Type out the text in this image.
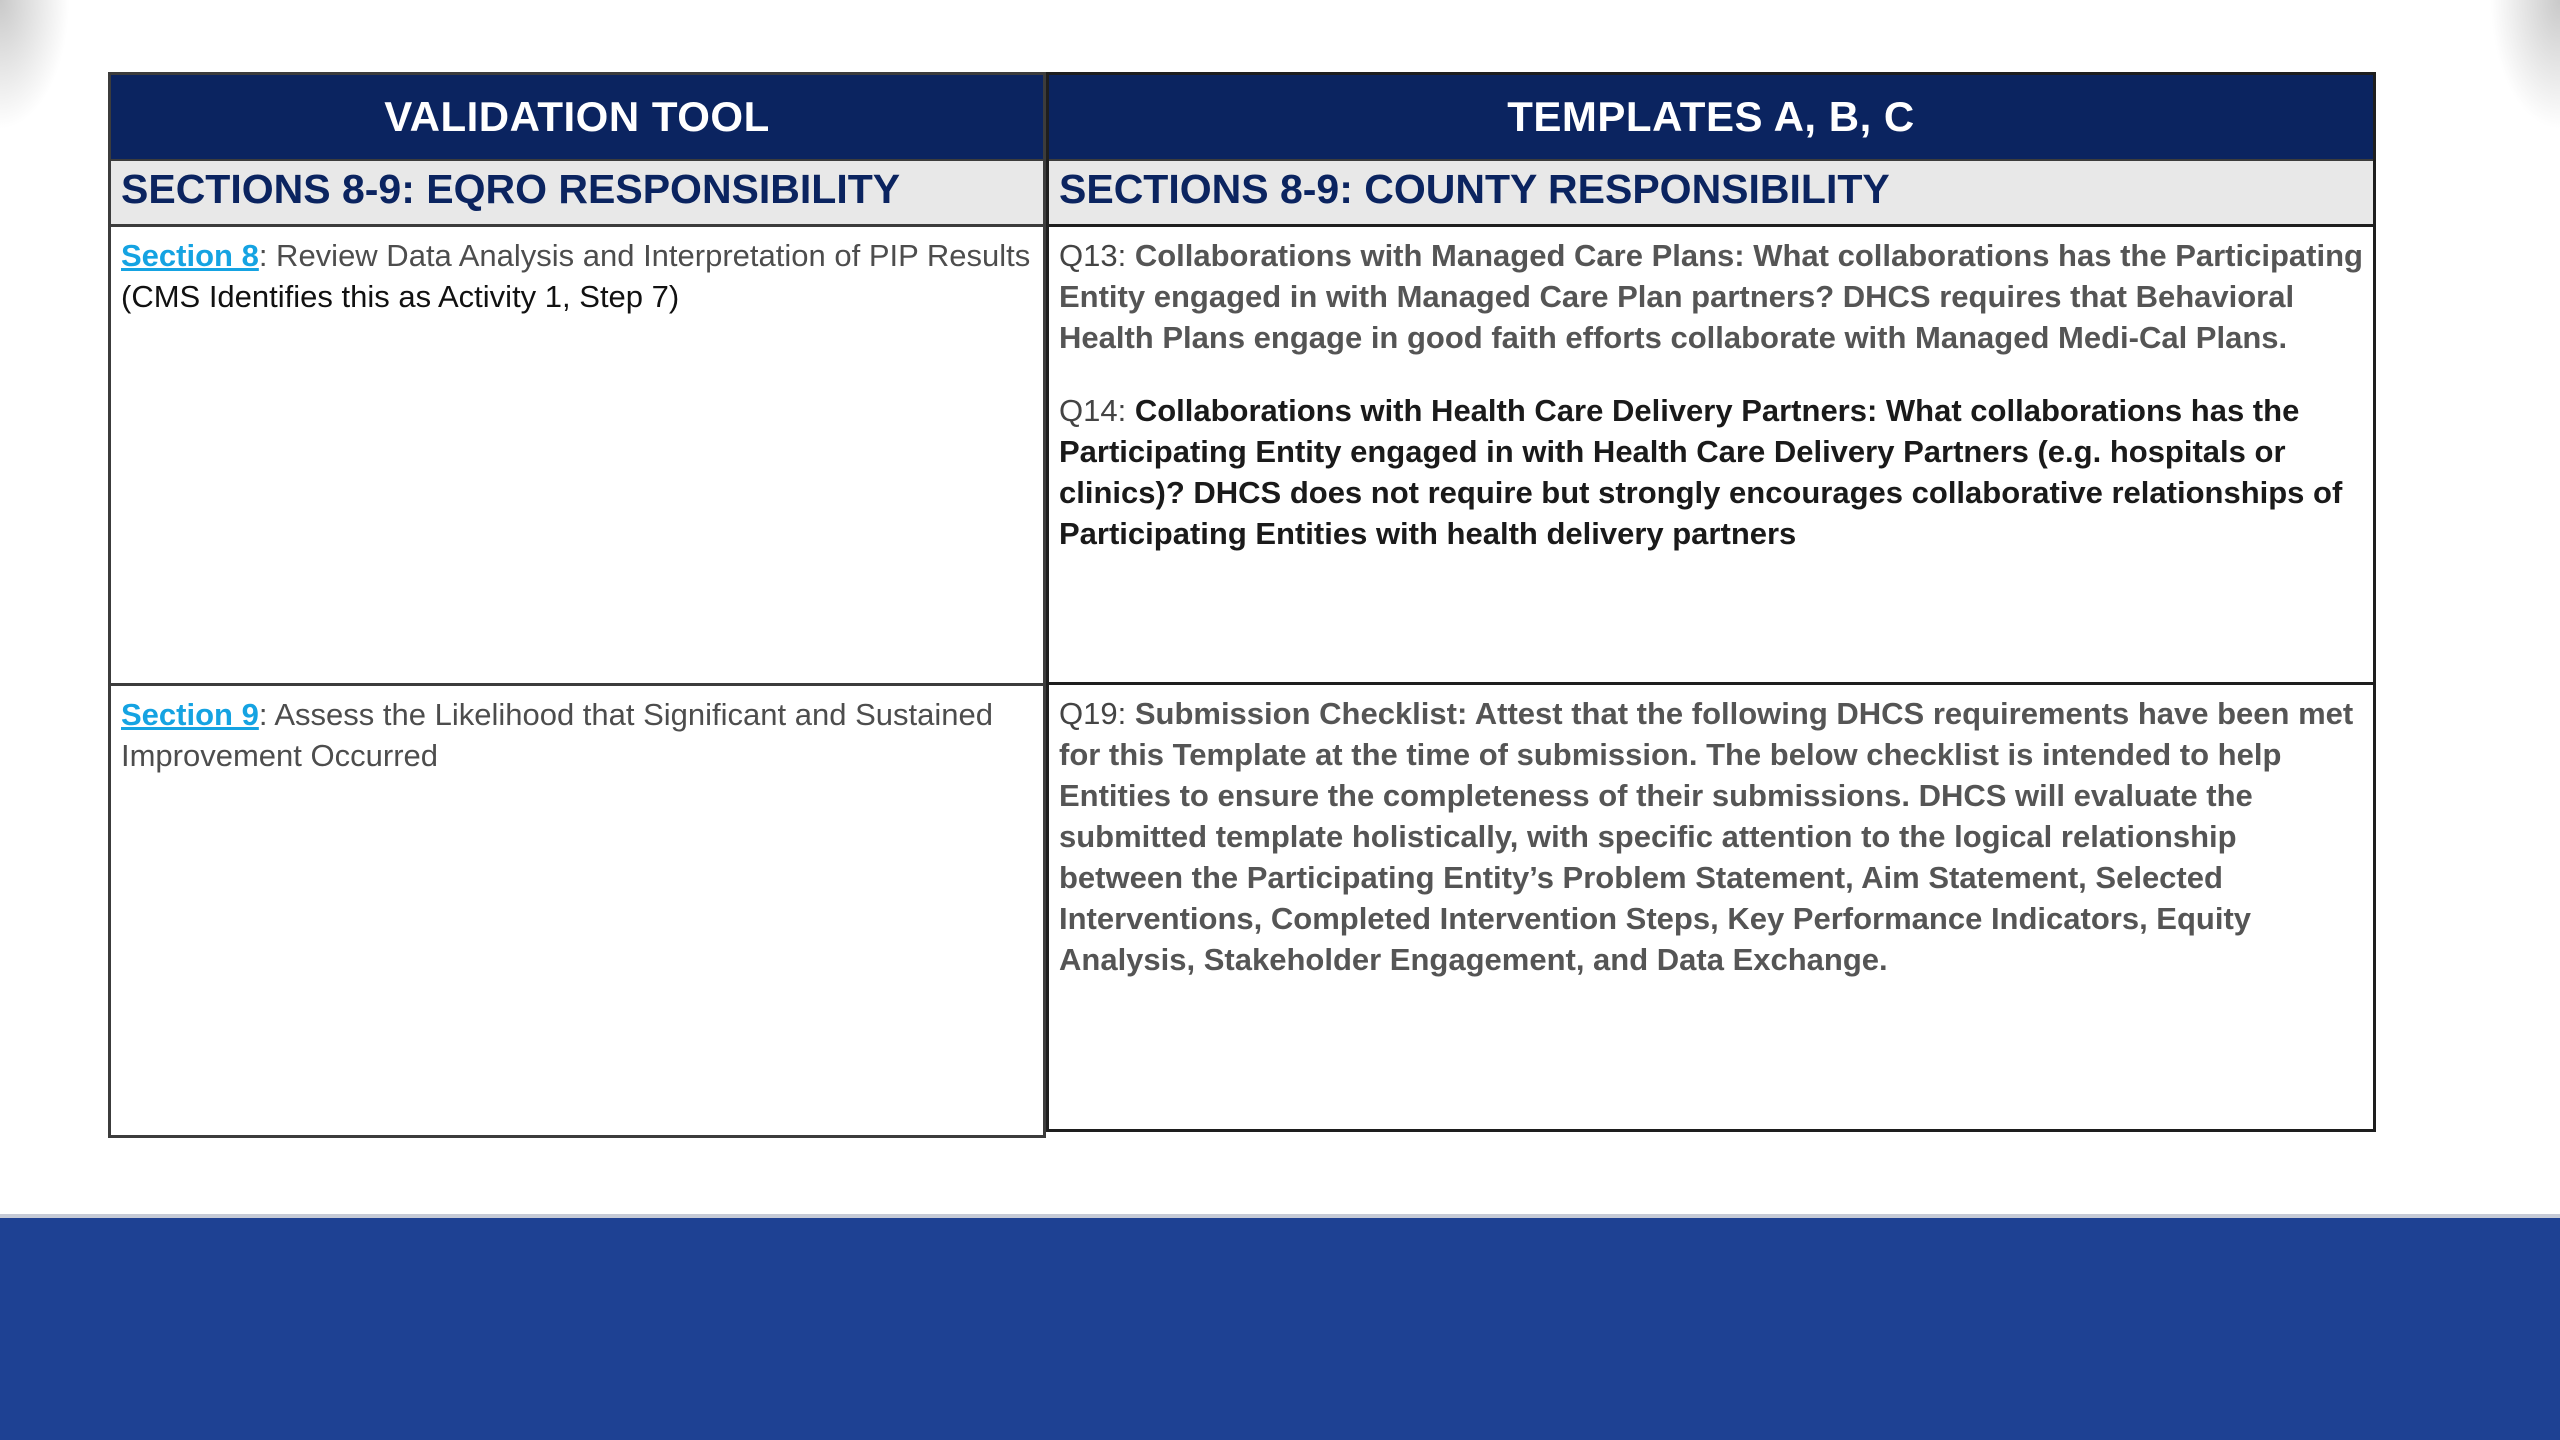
VALIDATION TOOL
SECTIONS 8-9: EQRO RESPONSIBILITY
Section 8: Review Data Analysis and Interpretation of PIP Results (CMS Identifies this as Activity 1, Step 7)
Section 9: Assess the Likelihood that Significant and Sustained Improvement Occurred
TEMPLATES A, B, C
SECTIONS 8-9: COUNTY RESPONSIBILITY

Q13: Collaborations with Managed Care Plans: What collaborations has the Participating Entity engaged in with Managed Care Plan partners? DHCS requires that Behavioral Health Plans engage in good faith efforts collaborate with Managed Medi-Cal Plans.

Q14: Collaborations with Health Care Delivery Partners: What collaborations has the Participating Entity engaged in with Health Care Delivery Partners (e.g. hospitals or clinics)? DHCS does not require but strongly encourages collaborative relationships of Participating Entities with health delivery partners

Q19: Submission Checklist: Attest that the following DHCS requirements have been met for this Template at the time of submission. The below checklist is intended to help Entities to ensure the completeness of their submissions. DHCS will evaluate the submitted template holistically, with specific attention to the logical relationship between the Participating Entity’s Problem Statement, Aim Statement, Selected Interventions, Completed Intervention Steps, Key Performance Indicators, Equity Analysis, Stakeholder Engagement, and Data Exchange.
